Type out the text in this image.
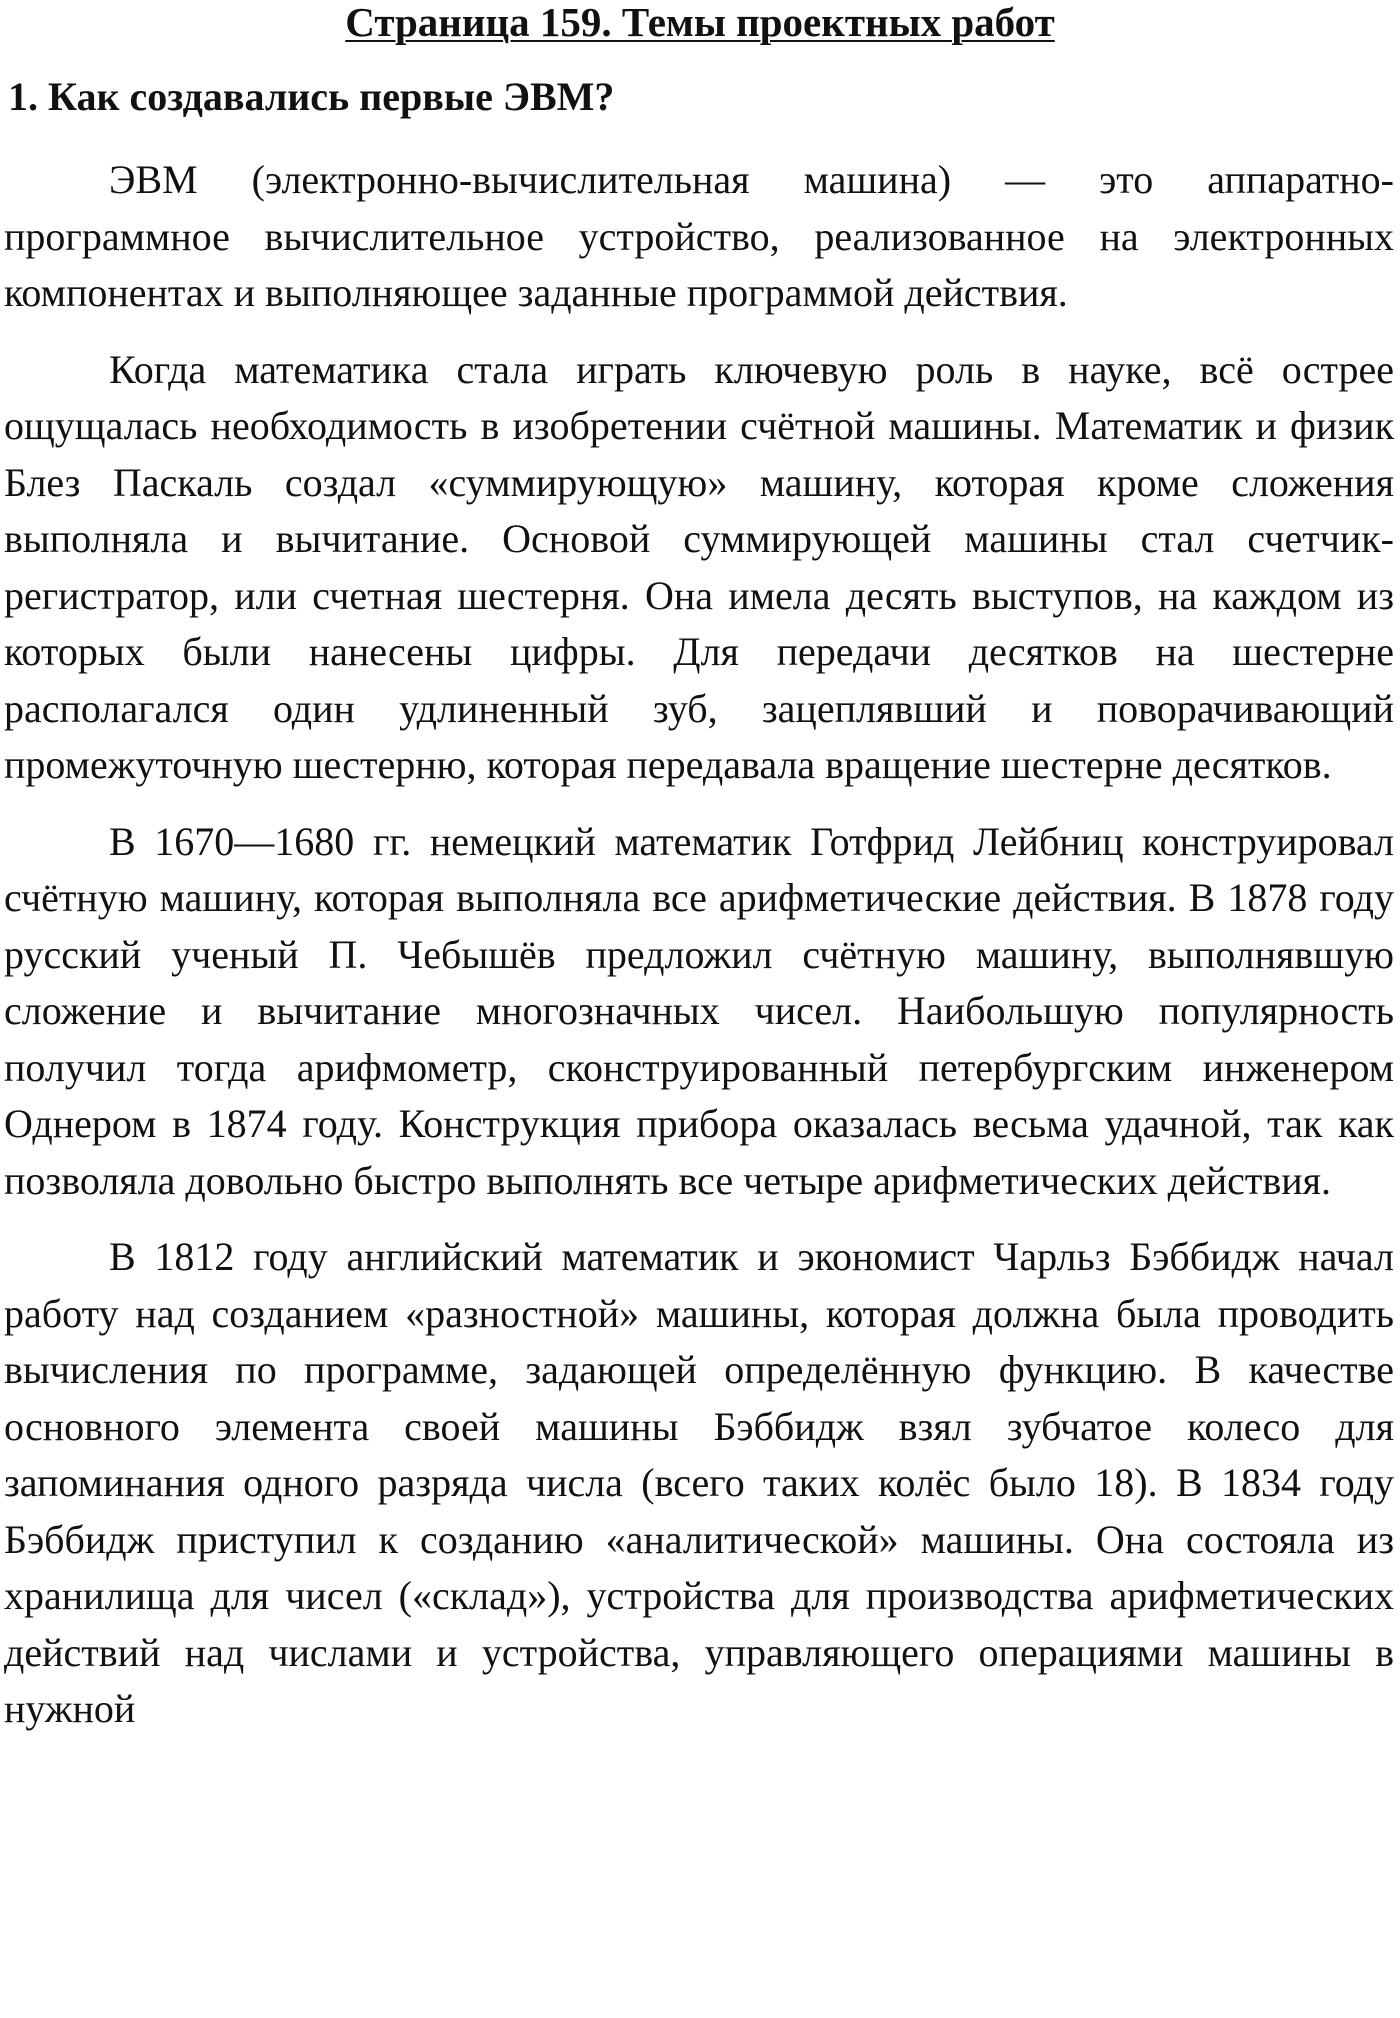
Страница 159. Темы проектных работ
1. Как создавались первые ЭВМ?

ЭВМ (электронно-вычислительная машина) — это аппаратно-программное вычислительное устройство, реализованное на электронных компонентах и выполняющее заданные программой действия.

Когда математика стала играть ключевую роль в науке, всё острее ощущалась необходимость в изобретении счётной машины. Математик и физик Блез Паскаль создал «суммирующую» машину, которая кроме сложения выполняла и вычитание. Основой суммирующей машины стал счетчик-регистратор, или счетная шестерня. Она имела десять выступов, на каждом из которых были нанесены цифры. Для передачи десятков на шестерне располагался один удлиненный зуб, зацеплявший и поворачивающий промежуточную шестерню, которая передавала вращение шестерне десятков.

В 1670—1680 гг. немецкий математик Готфрид Лейбниц конструировал счётную машину, которая выполняла все арифметические действия. В 1878 году русский ученый П. Чебышёв предложил счётную машину, выполнявшую сложение и вычитание многозначных чисел. Наибольшую популярность получил тогда арифмометр, сконструированный петербургским инженером Однером в 1874 году. Конструкция прибора оказалась весьма удачной, так как позволяла довольно быстро выполнять все четыре арифметических действия.

В 1812 году английский математик и экономист Чарльз Бэббидж начал работу над созданием «разностной» машины, которая должна была проводить вычисления по программе, задающей определённую функцию. В качестве основного элемента своей машины Бэббидж взял зубчатое колесо для запоминания одного разряда числа (всего таких колёс было 18). В 1834 году Бэббидж приступил к созданию «аналитической» машины. Она состояла из хранилища для чисел («склад»), устройства для производства арифметических действий над числами и устройства, управляющего операциями машины в нужной
